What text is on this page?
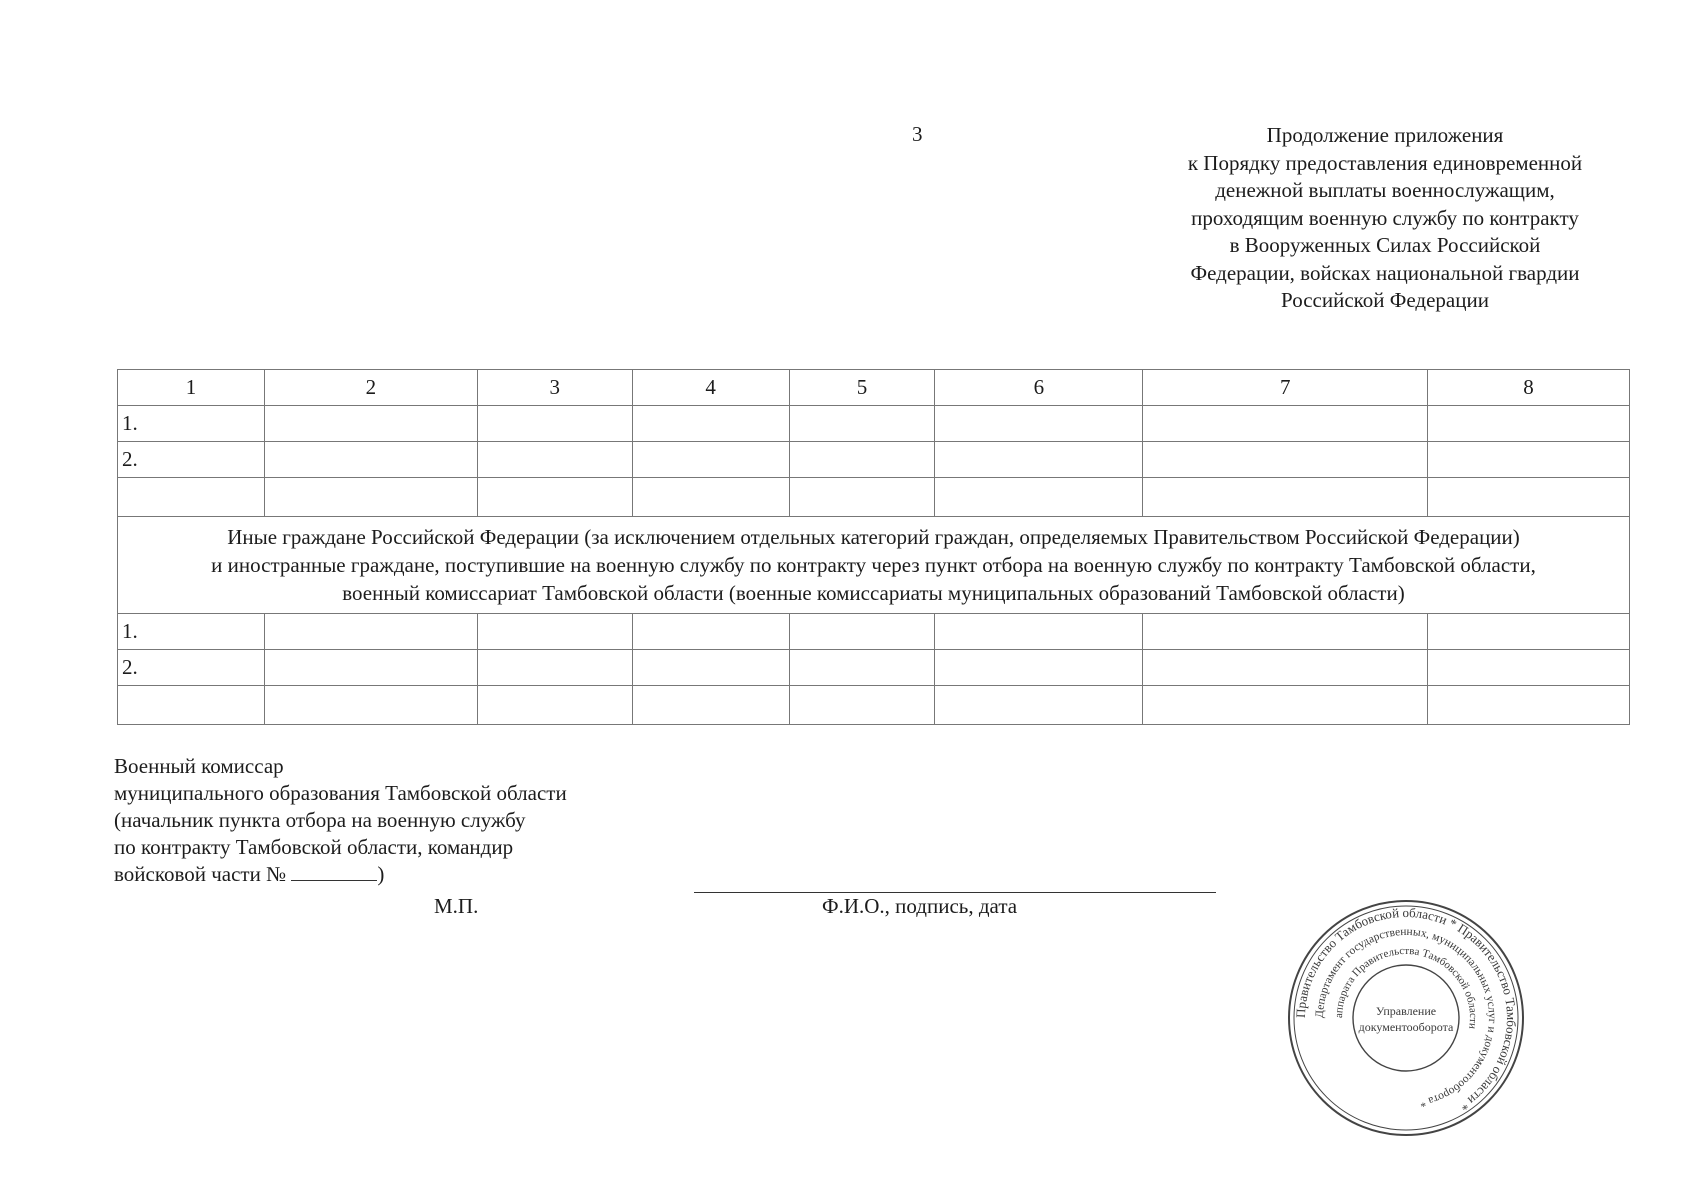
3	Продолжение приложения
к Порядку предоставления единовременной
денежной выплаты военнослужащим,
проходящим военную службу по контракту
в Вооруженных Силах Российской
Федерации, войсках национальной гвардии
Российской Федерации
1	2	3	4	5	6	7	8
1.							
2.							

Иные граждане Российской Федерации (за исключением отдельных категорий граждан, определяемых Правительством Российской Федерации)
и иностранные граждане, поступившие на военную службу по контракту через пункт отбора на военную службу по контракту Тамбовской области,
военный комиссариат Тамбовской области (военные комиссариаты муниципальных образований Тамбовской области)							

1.							
2.							

Военный комиссар
муниципального образования Тамбовской области
(начальник пункта отбора на военную службу
по контракту Тамбовской области, командир
войсковой части №	)
М.П.	Ф.И.О., подпись, дата
Правительство Тамбовской области * Правительство Тамбовской области *
Департамент государственных, муниципальных услуг и документооборота *
аппарата Правительства Тамбовской области
Управление
документооборота
